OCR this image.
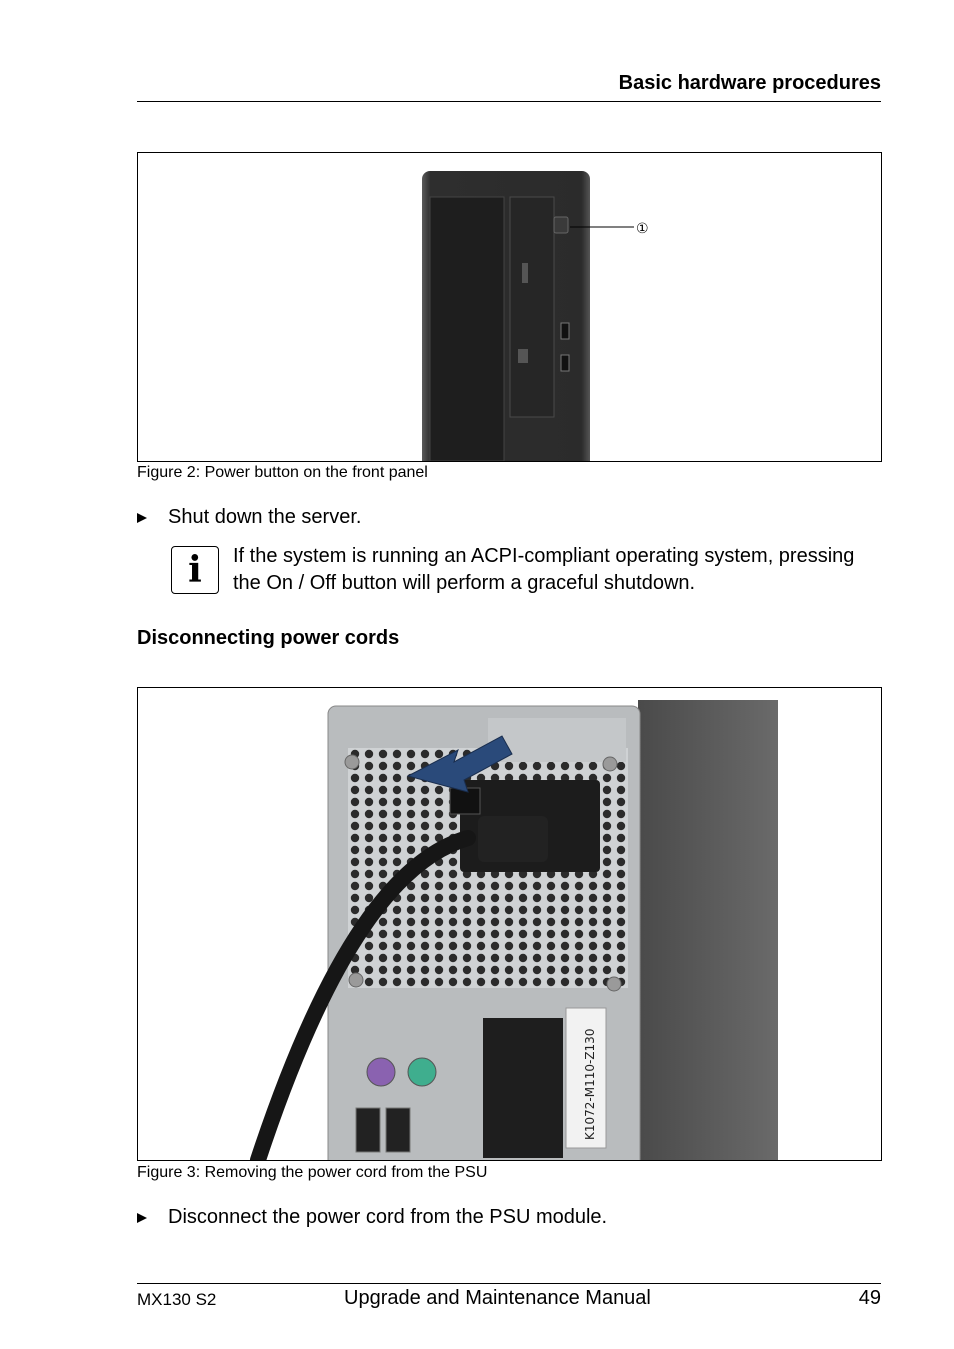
Basic hardware procedures
①
Figure 2: Power button on the front panel
Shut down the server.
i	If the system is running an ACPI-compliant operating system, pressing the On / Off button will perform a graceful shutdown.
Disconnecting power cords
K1072-M110-Z130
Figure 3: Removing the power cord from the PSU
Disconnect the power cord from the PSU module.
MX130 S2	Upgrade and Maintenance Manual	49
